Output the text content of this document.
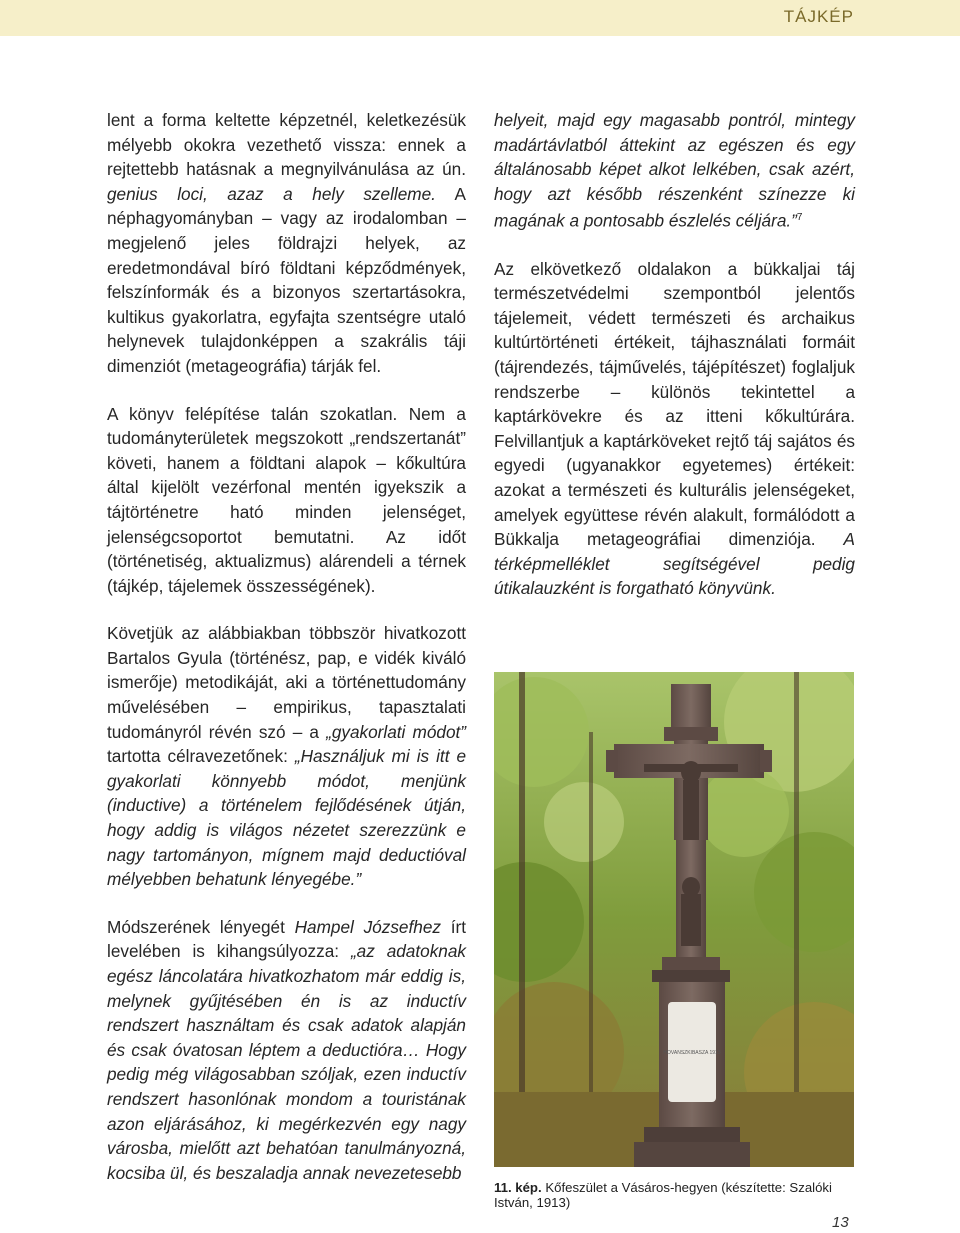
TÁJKÉP

lent a forma keltette képzetnél, keletkezésük mélyebb okokra vezethető vissza: ennek a rejtettebb hatásnak a megnyilvánulása az ún. genius loci, azaz a hely szelleme. A néphagyományban – vagy az irodalomban – megjelenő jeles földrajzi helyek, az eredetmondával bíró földtani képződmények, felszínformák és a bizonyos szertartásokra, kultikus gyakorlatra, egyfajta szentségre utaló helynevek tulajdonképpen a szakrális táji dimenziót (metageográfia) tárják fel.

A könyv felépítése talán szokatlan. Nem a tudományterületek megszokott „rendszertanát” követi, hanem a földtani alapok – kőkultúra által kijelölt vezérfonal mentén igyekszik a tájtörténetre ható minden jelenséget, jelenségcsoportot bemutatni. Az időt (történetiség, aktualizmus) alárendeli a térnek (tájkép, tájelemek összességének).

Követjük az alábbiakban többször hivatkozott Bartalos Gyula (történész, pap, e vidék kiváló ismerője) metodikáját, aki a történettudomány művelésében – empirikus, tapasztalati tudományról révén szó – a „gyakorlati módot” tartotta célravezetőnek: „Használjuk mi is itt e gyakorlati könnyebb módot, menjünk (inductive) a történelem fejlődésének útján, hogy addig is világos nézetet szerezzünk e nagy tartományon, mígnem majd deductióval mélyebben behatunk lényegébe.”

Módszerének lényegét Hampel Józsefhez írt levelében is kihangsúlyozza: „az adatoknak egész láncolatára hivatkozhatom már eddig is, melynek gyűjtésében én is az inductív rendszert használtam és csak adatok alapján és csak óvatosan léptem a deductióra… Hogy pedig még világosabban szóljak, ezen inductív rendszert hasonlónak mondom a touristának azon eljárásához, ki megérkezvén egy nagy városba, mielőtt azt behatóan tanulmányozná, kocsiba ül, és beszaladja annak nevezetesebb

helyeit, majd egy magasabb pontról, mintegy madártávlatból áttekint az egészen és egy általánosabb képet alkot lelkében, csak azért, hogy azt később részenként színezze ki magának a pontosabb észlelés céljára.”$^7$

Az elkövetkező oldalakon a bükkaljai táj természetvédelmi szempontból jelentős tájelemeit, védett természeti és archaikus kultúrtörténeti értékeit, tájhasználati formáit (tájrendezés, tájművelés, tájépítészet) foglaljuk rendszerbe – különös tekintettel a kaptárkövekre és az itteni kőkultúrára. Felvillantjuk a kaptárköveket rejtő táj sajátos és egyedi (ugyanakkor egyetemes) értékeit: azokat a természeti és kulturális jelenségeket, amelyek együttese révén alakult, formálódott a Bükkalja metageográfiai dimenziója. A térképmelléklet segítségével pedig útikalauzként is forgatható könyvünk.

HOVANSZKIBASZA 1913
11. kép. Kőfeszület a Vásáros-hegyen (készítette: Szalóki István, 1913)
13
